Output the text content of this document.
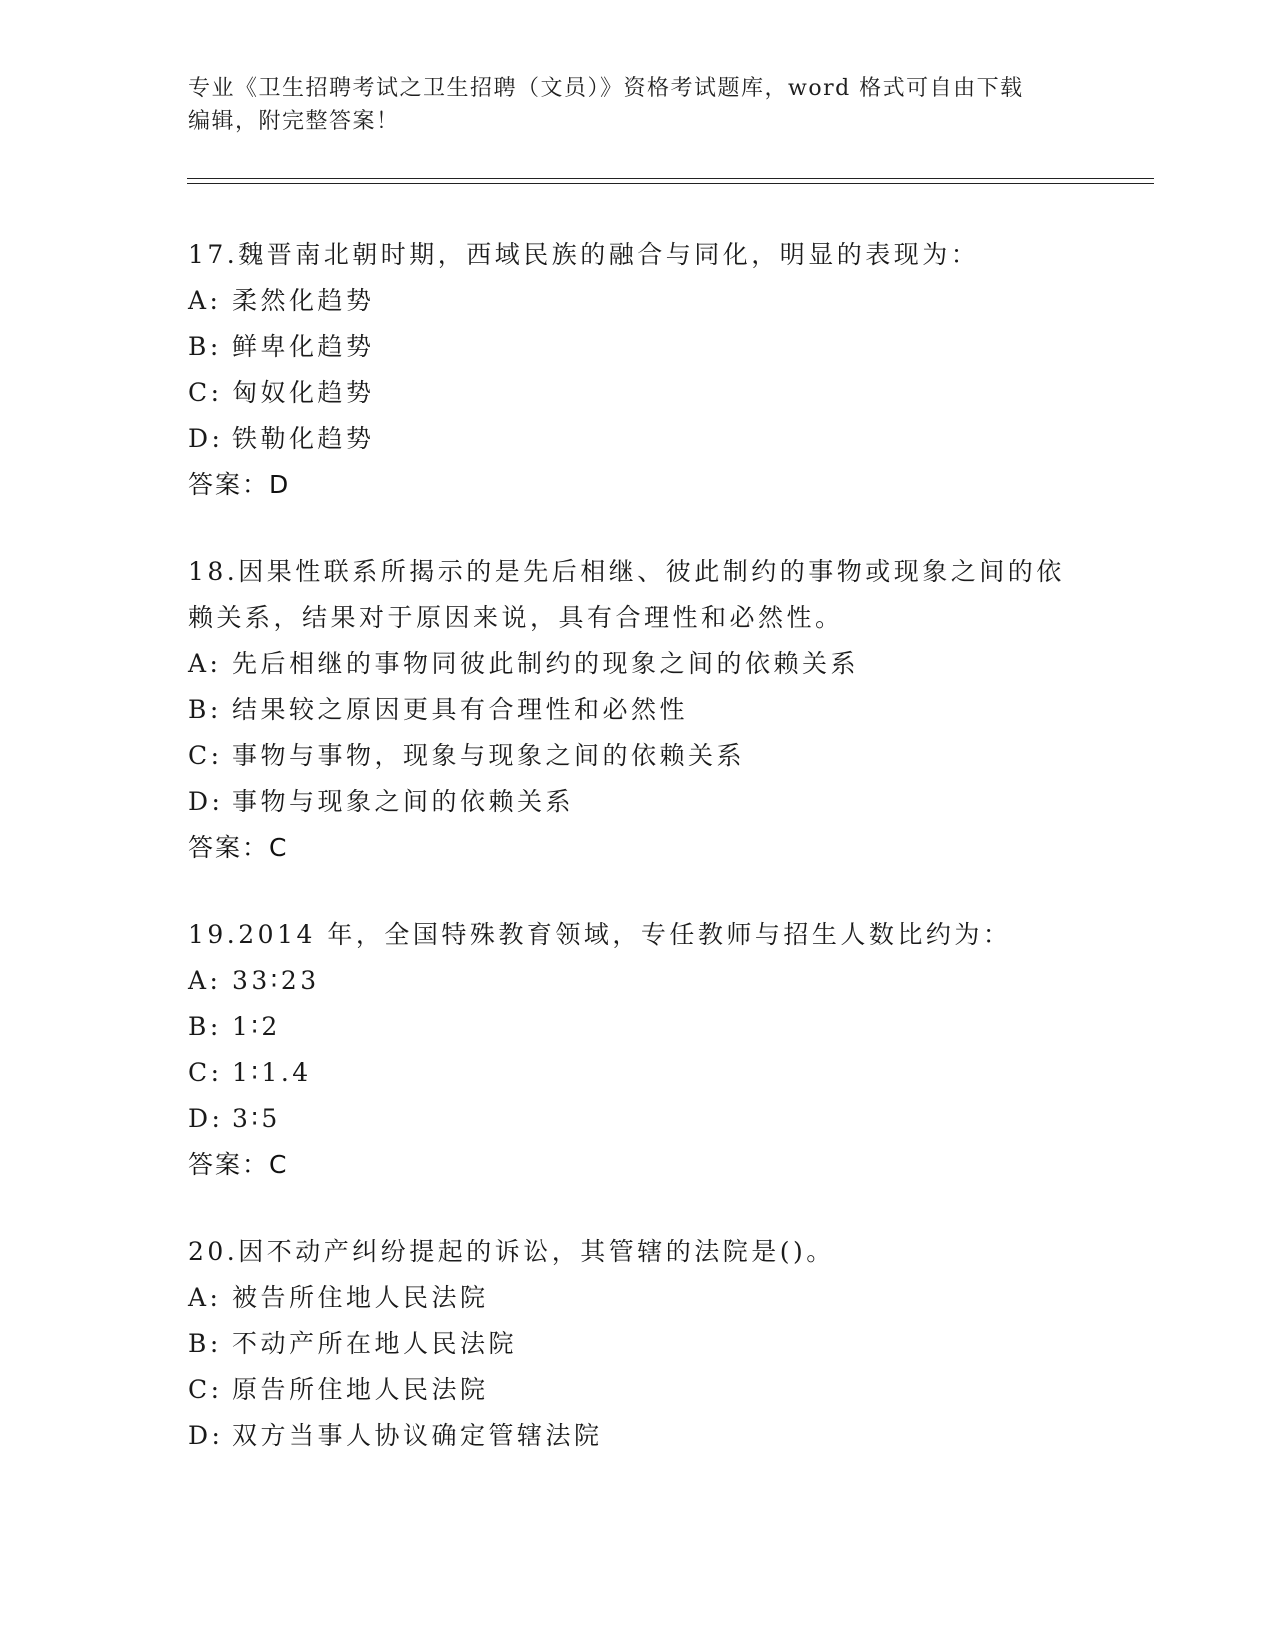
专业《卫生招聘考试之卫生招聘（文员）》资格考试题库，word 格式可自由下载
编辑，附完整答案！

17.魏晋南北朝时期，西域民族的融合与同化，明显的表现为：

A: 柔然化趋势
B: 鲜卑化趋势
C: 匈奴化趋势
D: 铁勒化趋势

答案：D

18.因果性联系所揭示的是先后相继、彼此制约的事物或现象之间的依赖关系，结果对于原因来说，具有合理性和必然性。

A: 先后相继的事物同彼此制约的现象之间的依赖关系
B: 结果较之原因更具有合理性和必然性
C: 事物与事物，现象与现象之间的依赖关系
D: 事物与现象之间的依赖关系

答案：C

19.2014 年，全国特殊教育领域，专任教师与招生人数比约为：

A: 33∶23
B: 1∶2
C: 1∶1.4
D: 3∶5

答案：C

20.因不动产纠纷提起的诉讼，其管辖的法院是()。

A: 被告所住地人民法院
B: 不动产所在地人民法院
C: 原告所住地人民法院
D: 双方当事人协议确定管辖法院
